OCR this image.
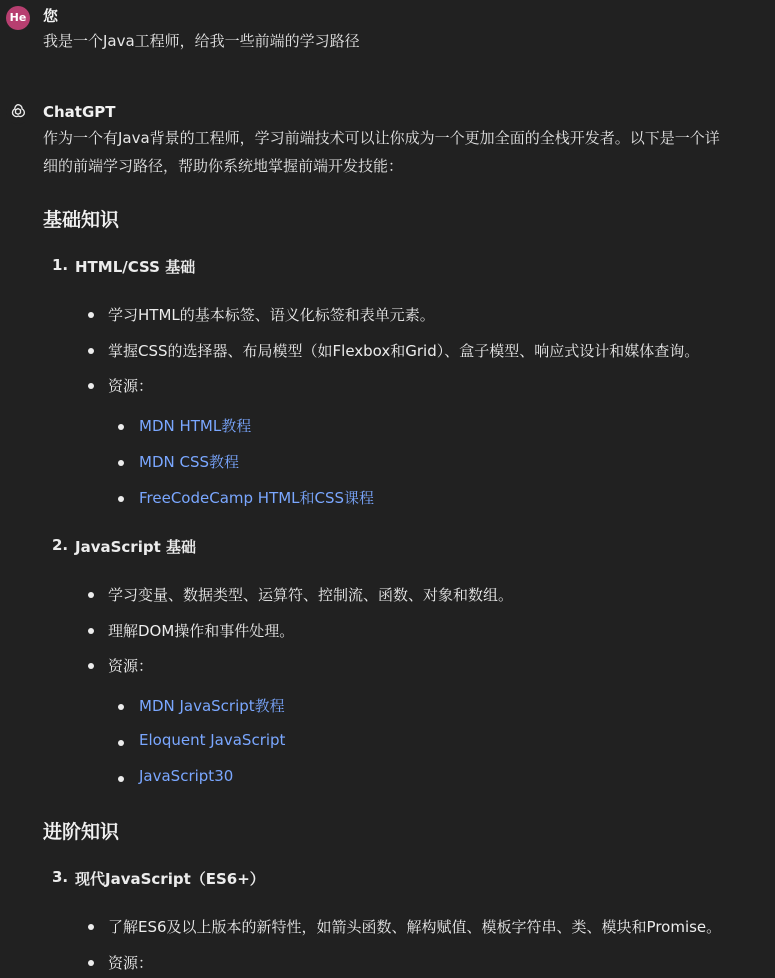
He 您
我是一个Java工程师，给我一些前端的学习路径
ChatGPT
作为一个有Java背景的工程师，学习前端技术可以让你成为一个更加全面的全栈开发者。以下是一个详
细的前端学习路径，帮助你系统地掌握前端开发技能：
基础知识
1. HTML/CSS 基础
学习HTML的基本标签、语义化标签和表单元素。
掌握CSS的选择器、布局模型（如Flexbox和Grid）、盒子模型、响应式设计和媒体查询。
资源：
MDN HTML教程
MDN CSS教程
FreeCodeCamp HTML和CSS课程
2. JavaScript 基础
学习变量、数据类型、运算符、控制流、函数、对象和数组。
理解DOM操作和事件处理。
资源：
MDN JavaScript教程
Eloquent JavaScript
JavaScript30
进阶知识
3. 现代JavaScript（ES6+）
了解ES6及以上版本的新特性，如箭头函数、解构赋值、模板字符串、类、模块和Promise。
资源：
